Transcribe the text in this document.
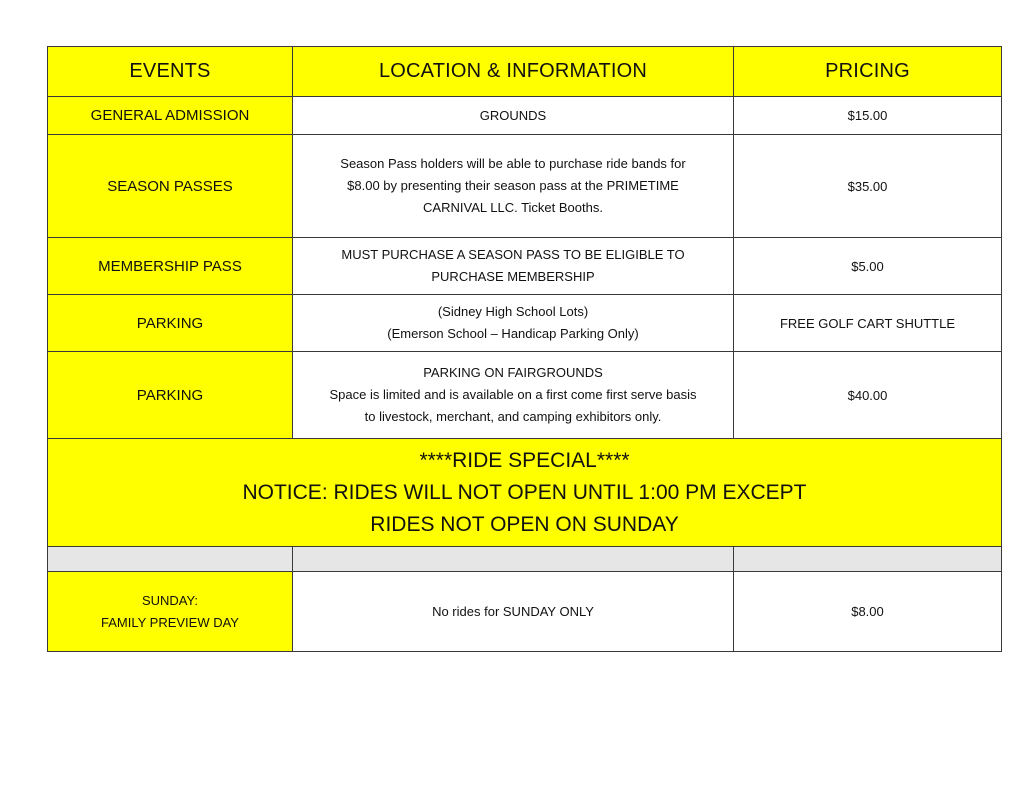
EVENTS	LOCATION & INFORMATION	PRICING
GENERAL ADMISSION	GROUNDS	$15.00
SEASON PASSES	Season Pass holders will be able to purchase ride bands for
$8.00 by presenting their season pass at the PRIMETIME
CARNIVAL LLC. Ticket Booths.	$35.00
MEMBERSHIP PASS	MUST PURCHASE A SEASON PASS TO BE ELIGIBLE TO
PURCHASE MEMBERSHIP	$5.00
PARKING	(Sidney High School Lots)
(Emerson School – Handicap Parking Only)	FREE GOLF CART SHUTTLE
PARKING	PARKING ON FAIRGROUNDS
Space is limited and is available on a first come first serve basis
to livestock, merchant, and camping exhibitors only.	$40.00

****RIDE SPECIAL****
NOTICE: RIDES WILL NOT OPEN UNTIL 1:00 PM EXCEPT
RIDES NOT OPEN ON SUNDAY		

SUNDAY:
FAMILY PREVIEW DAY	No rides for SUNDAY ONLY	$8.00
